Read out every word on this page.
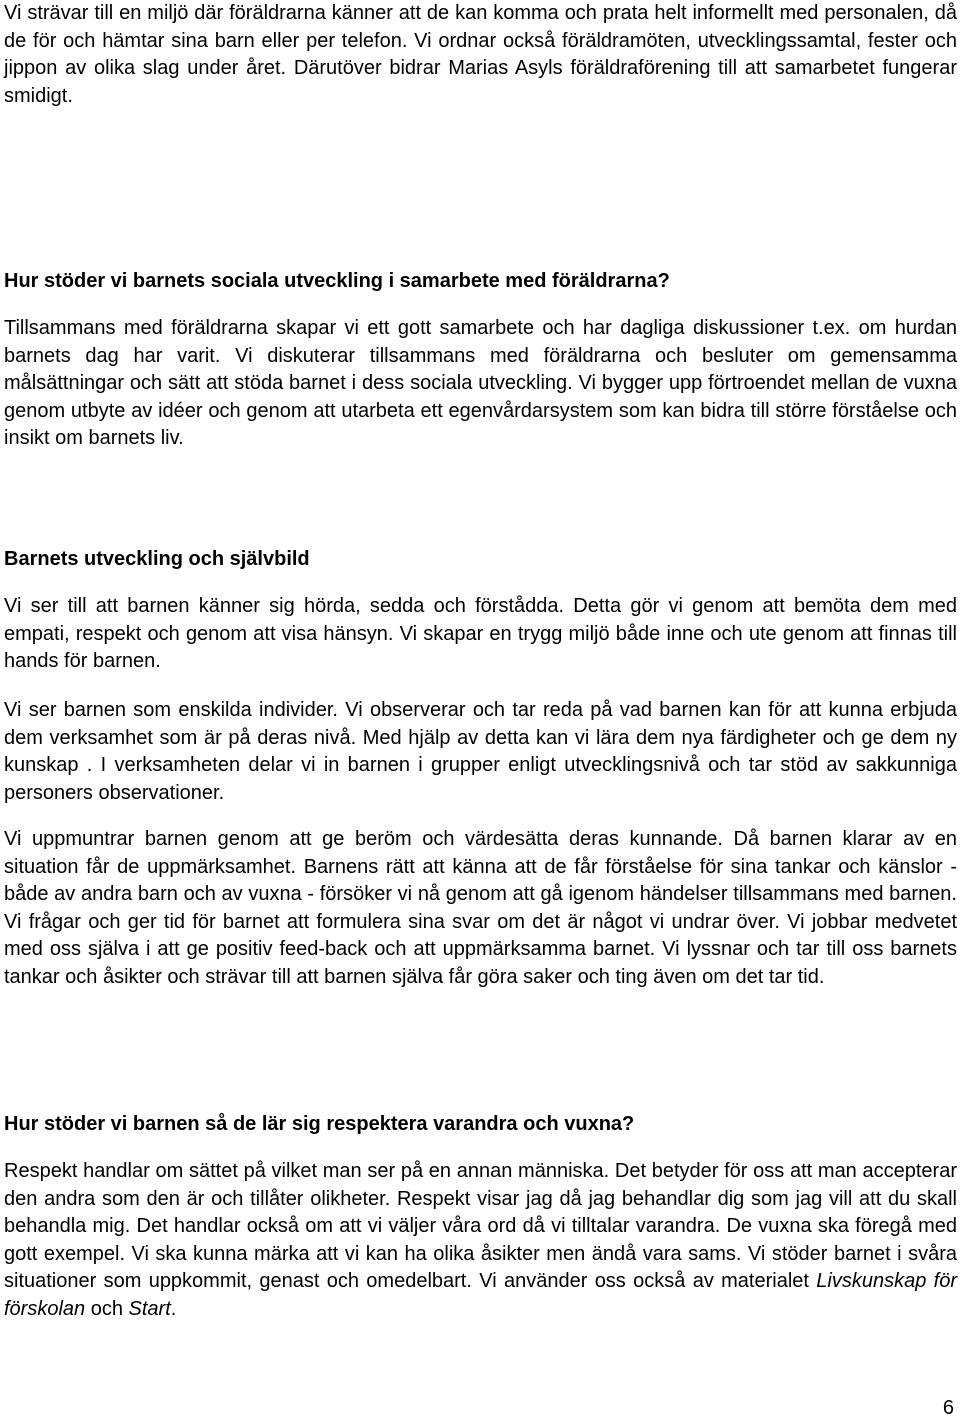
Vi strävar till en miljö där föräldrarna känner att de kan komma och prata helt informellt med personalen, då de för och hämtar sina barn eller per telefon. Vi ordnar också föräldramöten, utvecklingssamtal, fester och jippon av olika slag under året. Därutöver bidrar Marias Asyls föräldraförening till att samarbetet fungerar smidigt.

Hur stöder vi barnets sociala utveckling i samarbete med föräldrarna?

Tillsammans med föräldrarna skapar vi ett gott samarbete och har dagliga diskussioner t.ex. om hurdan barnets dag har varit. Vi diskuterar tillsammans med föräldrarna och besluter om gemensamma målsättningar och sätt att stöda barnet i dess sociala utveckling. Vi bygger upp förtroendet mellan de vuxna genom utbyte av idéer och genom att utarbeta ett egenvårdarsystem som kan bidra till större förståelse och insikt om barnets liv.

Barnets utveckling och självbild

Vi ser till att barnen känner sig hörda, sedda och förstådda. Detta gör vi genom att bemöta dem med empati, respekt och genom att visa hänsyn. Vi skapar en trygg miljö både inne och ute genom att finnas till hands för barnen.

Vi ser barnen som enskilda individer. Vi observerar och tar reda på vad barnen kan för att kunna erbjuda dem verksamhet som är på deras nivå. Med hjälp av detta kan vi lära dem nya färdigheter och ge dem ny kunskap . I verksamheten delar vi in barnen i grupper enligt utvecklingsnivå och tar stöd av sakkunniga personers observationer.

Vi uppmuntrar barnen genom att ge beröm och värdesätta deras kunnande. Då barnen klarar av en situation får de uppmärksamhet. Barnens rätt att känna att de får förståelse för sina tankar och känslor - både av andra barn och av vuxna - försöker vi nå genom att gå igenom händelser tillsammans med barnen. Vi frågar och ger tid för barnet att formulera sina svar om det är något vi undrar över. Vi jobbar medvetet med oss själva i att ge positiv feed-back och att uppmärksamma barnet. Vi lyssnar och tar till oss barnets tankar och åsikter och strävar till att barnen själva får göra saker och ting även om det tar tid.

Hur stöder vi barnen så de lär sig respektera varandra och vuxna?

Respekt handlar om sättet på vilket man ser på en annan människa. Det betyder för oss att man accepterar den andra som den är och tillåter olikheter. Respekt visar jag då jag behandlar dig som jag vill att du skall behandla mig. Det handlar också om att vi väljer våra ord då vi tilltalar varandra. De vuxna ska föregå med gott exempel. Vi ska kunna märka att vi kan ha olika åsikter men ändå vara sams. Vi stöder barnet i svåra situationer som uppkommit, genast och omedelbart. Vi använder oss också av materialet Livskunskap för förskolan och Start.

6
